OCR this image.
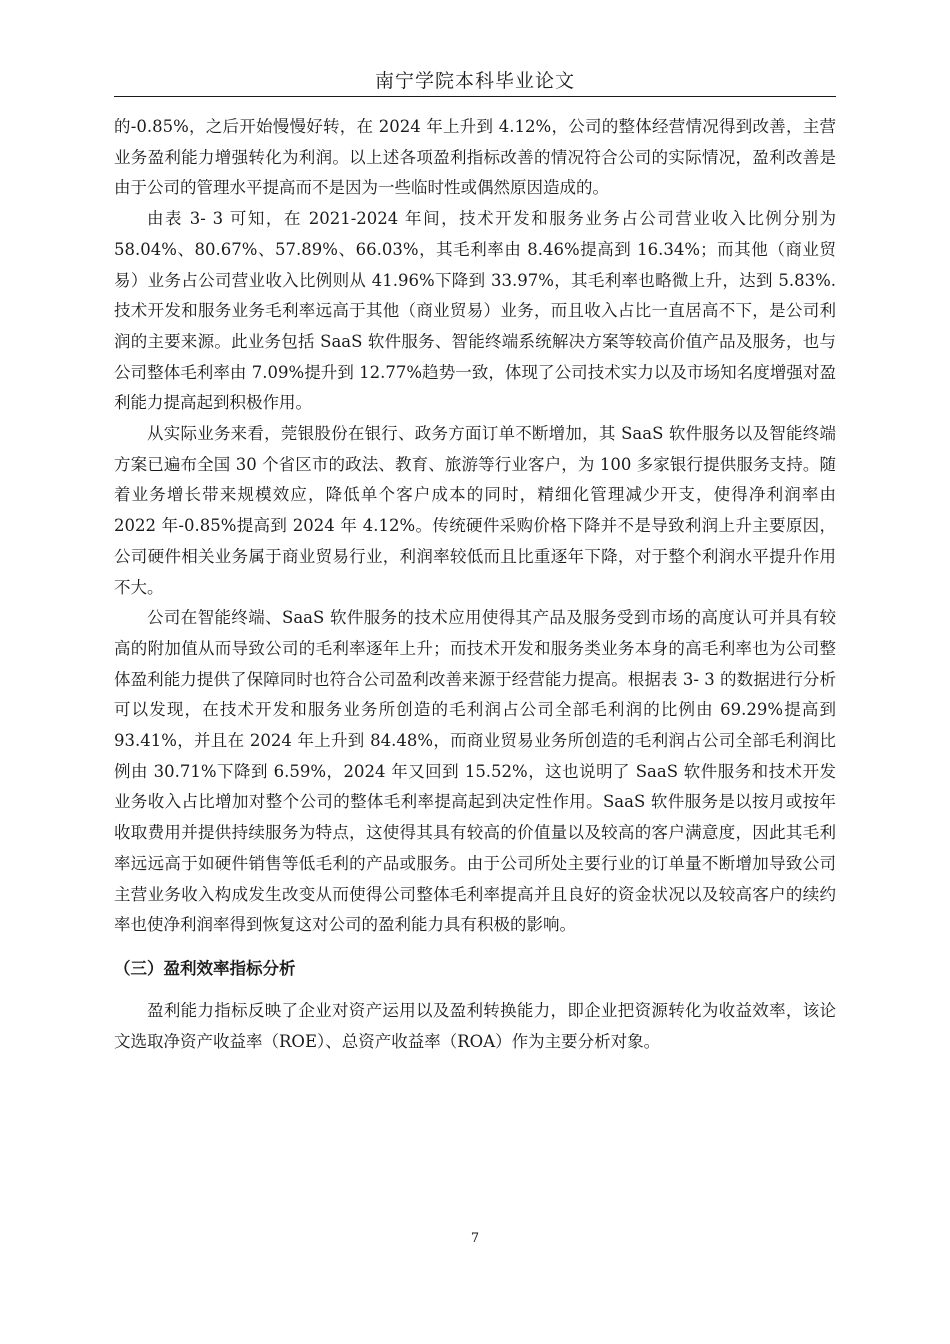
南宁学院本科毕业论文

的-0.85%，之后开始慢慢好转，在 2024 年上升到 4.12%，公司的整体经营情况得到改善，主营业务盈利能力增强转化为利润。以上述各项盈利指标改善的情况符合公司的实际情况，盈利改善是由于公司的管理水平提高而不是因为一些临时性或偶然原因造成的。

由表 3- 3 可知，在 2021-2024 年间，技术开发和服务业务占公司营业收入比例分别为 58.04%、80.67%、57.89%、66.03%，其毛利率由 8.46%提高到 16.34%；而其他（商业贸易）业务占公司营业收入比例则从 41.96%下降到 33.97%，其毛利率也略微上升，达到 5.83%.技术开发和服务业务毛利率远高于其他（商业贸易）业务，而且收入占比一直居高不下，是公司利润的主要来源。此业务包括 SaaS 软件服务、智能终端系统解决方案等较高价值产品及服务，也与公司整体毛利率由 7.09%提升到 12.77%趋势一致，体现了公司技术实力以及市场知名度增强对盈利能力提高起到积极作用。

从实际业务来看，莞银股份在银行、政务方面订单不断增加，其 SaaS 软件服务以及智能终端方案已遍布全国 30 个省区市的政法、教育、旅游等行业客户，为 100 多家银行提供服务支持。随着业务增长带来规模效应，降低单个客户成本的同时，精细化管理减少开支，使得净利润率由 2022 年-0.85%提高到 2024 年 4.12%。传统硬件采购价格下降并不是导致利润上升主要原因，公司硬件相关业务属于商业贸易行业，利润率较低而且比重逐年下降，对于整个利润水平提升作用不大。

公司在智能终端、SaaS 软件服务的技术应用使得其产品及服务受到市场的高度认可并具有较高的附加值从而导致公司的毛利率逐年上升；而技术开发和服务类业务本身的高毛利率也为公司整体盈利能力提供了保障同时也符合公司盈利改善来源于经营能力提高。根据表 3- 3 的数据进行分析可以发现，在技术开发和服务业务所创造的毛利润占公司全部毛利润的比例由 69.29%提高到 93.41%，并且在 2024 年上升到 84.48%，而商业贸易业务所创造的毛利润占公司全部毛利润比例由 30.71%下降到 6.59%，2024 年又回到 15.52%，这也说明了 SaaS 软件服务和技术开发业务收入占比增加对整个公司的整体毛利率提高起到决定性作用。SaaS 软件服务是以按月或按年收取费用并提供持续服务为特点，这使得其具有较高的价值量以及较高的客户满意度，因此其毛利率远远高于如硬件销售等低毛利的产品或服务。由于公司所处主要行业的订单量不断增加导致公司主营业务收入构成发生改变从而使得公司整体毛利率提高并且良好的资金状况以及较高客户的续约率也使净利润率得到恢复这对公司的盈利能力具有积极的影响。

（三）盈利效率指标分析

盈利能力指标反映了企业对资产运用以及盈利转换能力，即企业把资源转化为收益效率，该论文选取净资产收益率（ROE）、总资产收益率（ROA）作为主要分析对象。

7
